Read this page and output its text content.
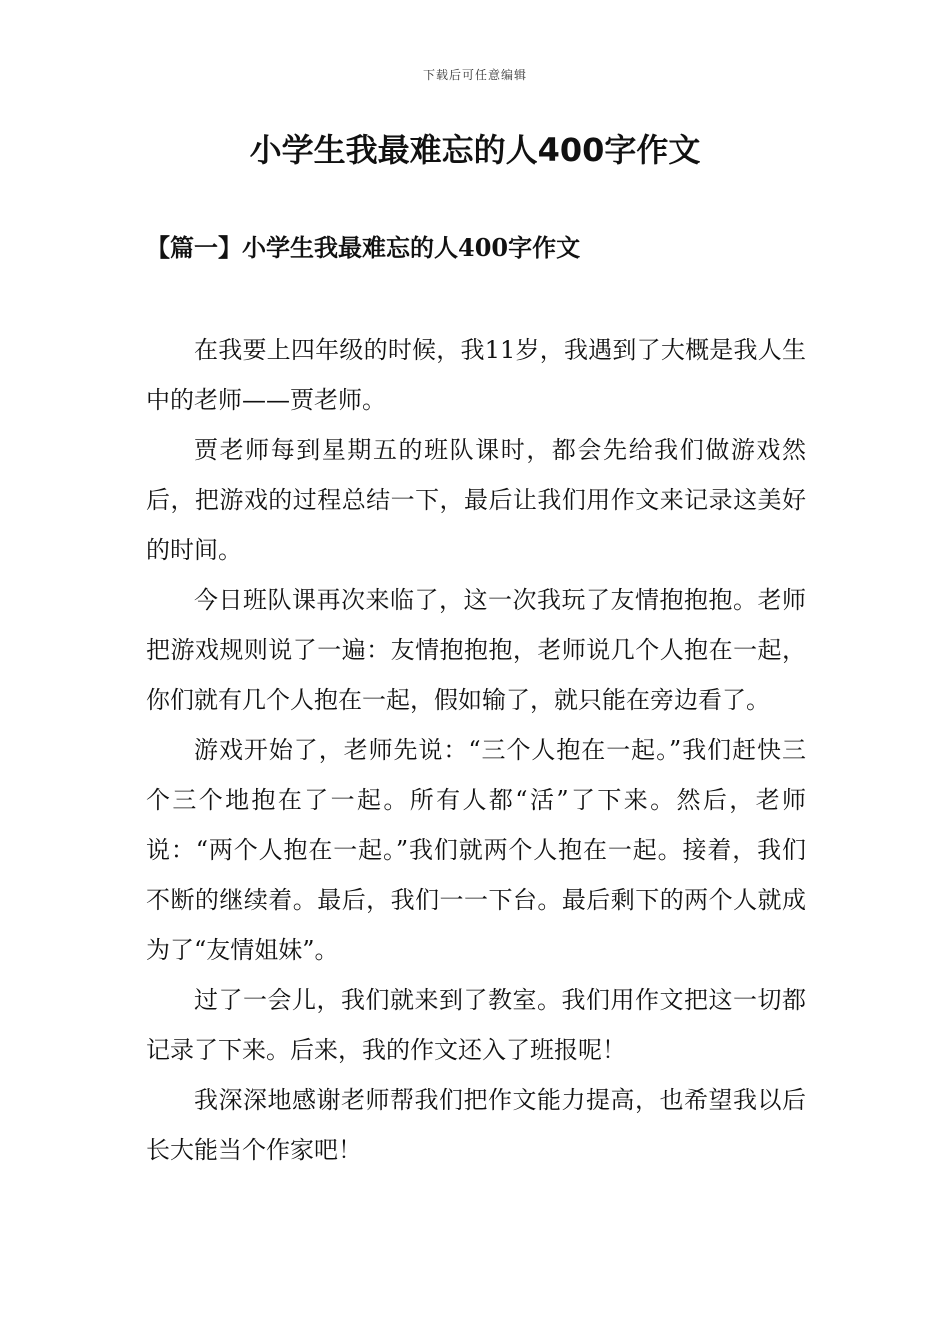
下载后可任意编辑
小学生我最难忘的人400字作文
【篇一】小学生我最难忘的人400字作文

在我要上四年级的时候，我11岁，我遇到了大概是我人生中的老师——贾老师。

贾老师每到星期五的班队课时，都会先给我们做游戏然后，把游戏的过程总结一下，最后让我们用作文来记录这美好的时间。

今日班队课再次来临了，这一次我玩了友情抱抱抱。老师把游戏规则说了一遍：友情抱抱抱，老师说几个人抱在一起，你们就有几个人抱在一起，假如输了，就只能在旁边看了。

游戏开始了，老师先说：“三个人抱在一起。”我们赶快三个三个地抱在了一起。所有人都“活”了下来。然后，老师说：“两个人抱在一起。”我们就两个人抱在一起。接着，我们不断的继续着。最后，我们一一下台。最后剩下的两个人就成为了“友情姐妹”。

过了一会儿，我们就来到了教室。我们用作文把这一切都记录了下来。后来，我的作文还入了班报呢！

我深深地感谢老师帮我们把作文能力提高，也希望我以后长大能当个作家吧！
